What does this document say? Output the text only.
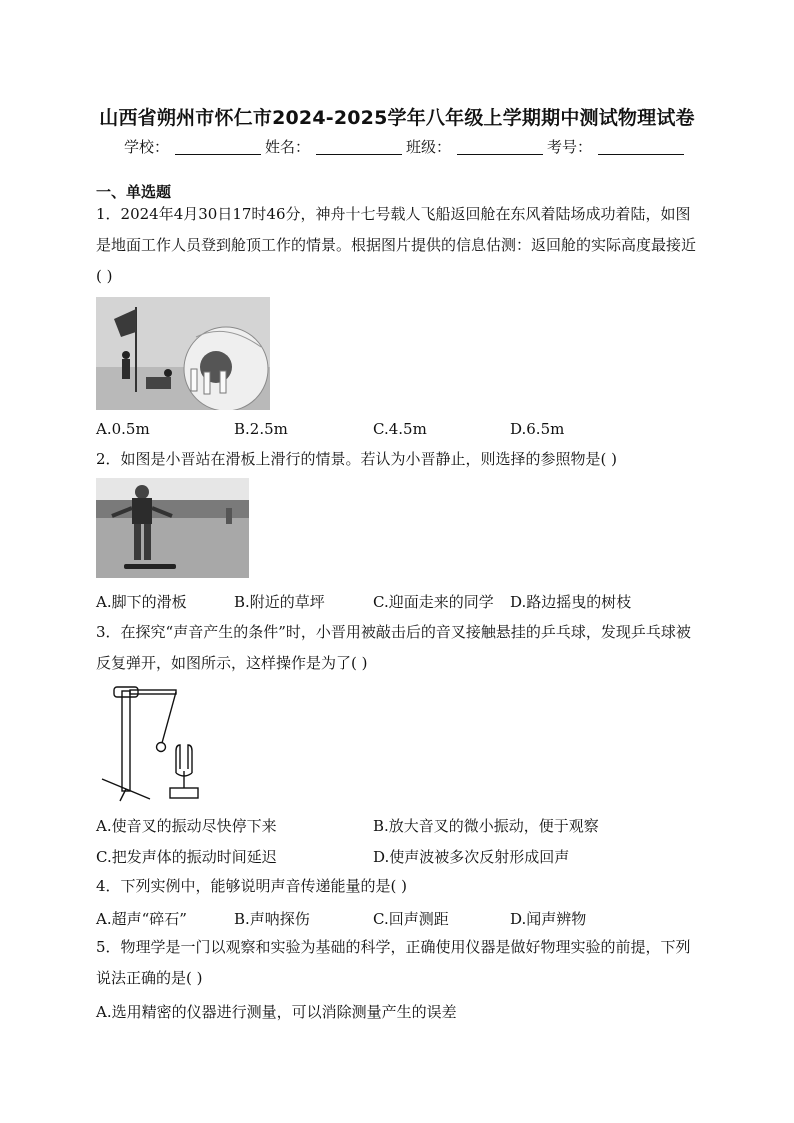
山西省朔州市怀仁市2024-2025学年八年级上学期期中测试物理试卷
学校：	姓名：	班级：	考号：
一、单选题
1．2024年4月30日17时46分，神舟十七号载人飞船返回舱在东风着陆场成功着陆，如图是地面工作人员登到舱顶工作的情景。根据图片提供的信息估测：返回舱的实际高度最接近( )
A.0.5m	B.2.5m	C.4.5m	D.6.5m
2．如图是小晋站在滑板上滑行的情景。若认为小晋静止，则选择的参照物是( )
A.脚下的滑板	B.附近的草坪	C.迎面走来的同学 D.路边摇曳的树枝
3．在探究“声音产生的条件”时，小晋用被敲击后的音叉接触悬挂的乒乓球，发现乒乓球被反复弹开，如图所示，这样操作是为了( )
A.使音叉的振动尽快停下来	B.放大音叉的微小振动，便于观察
C.把发声体的振动时间延迟	D.使声波被多次反射形成回声
4．下列实例中，能够说明声音传递能量的是( )
A.超声“碎石”	B.声呐探伤	C.回声测距	D.闻声辨物
5．物理学是一门以观察和实验为基础的科学，正确使用仪器是做好物理实验的前提，下列说法正确的是( )
A.选用精密的仪器进行测量，可以消除测量产生的误差
